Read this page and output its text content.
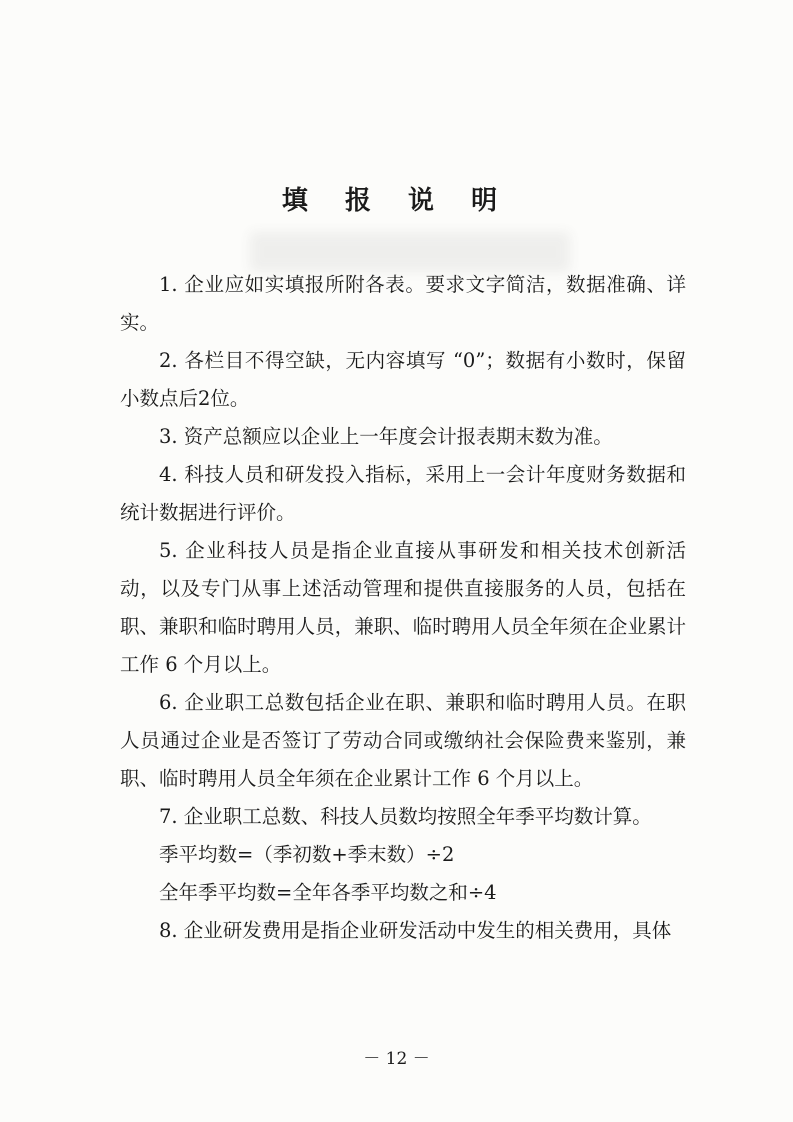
填 报 说 明

1. 企业应如实填报所附各表。要求文字简洁，数据准确、详实。

2. 各栏目不得空缺，无内容填写 “0”；数据有小数时，保留小数点后2位。

3. 资产总额应以企业上一年度会计报表期末数为准。

4. 科技人员和研发投入指标，采用上一会计年度财务数据和统计数据进行评价。

5. 企业科技人员是指企业直接从事研发和相关技术创新活动，以及专门从事上述活动管理和提供直接服务的人员，包括在职、兼职和临时聘用人员，兼职、临时聘用人员全年须在企业累计工作 6 个月以上。

6. 企业职工总数包括企业在职、兼职和临时聘用人员。在职人员通过企业是否签订了劳动合同或缴纳社会保险费来鉴别，兼职、临时聘用人员全年须在企业累计工作 6 个月以上。

7. 企业职工总数、科技人员数均按照全年季平均数计算。

季平均数=（季初数+季末数）÷2

全年季平均数=全年各季平均数之和÷4

8. 企业研发费用是指企业研发活动中发生的相关费用，具体

－ 12 －
